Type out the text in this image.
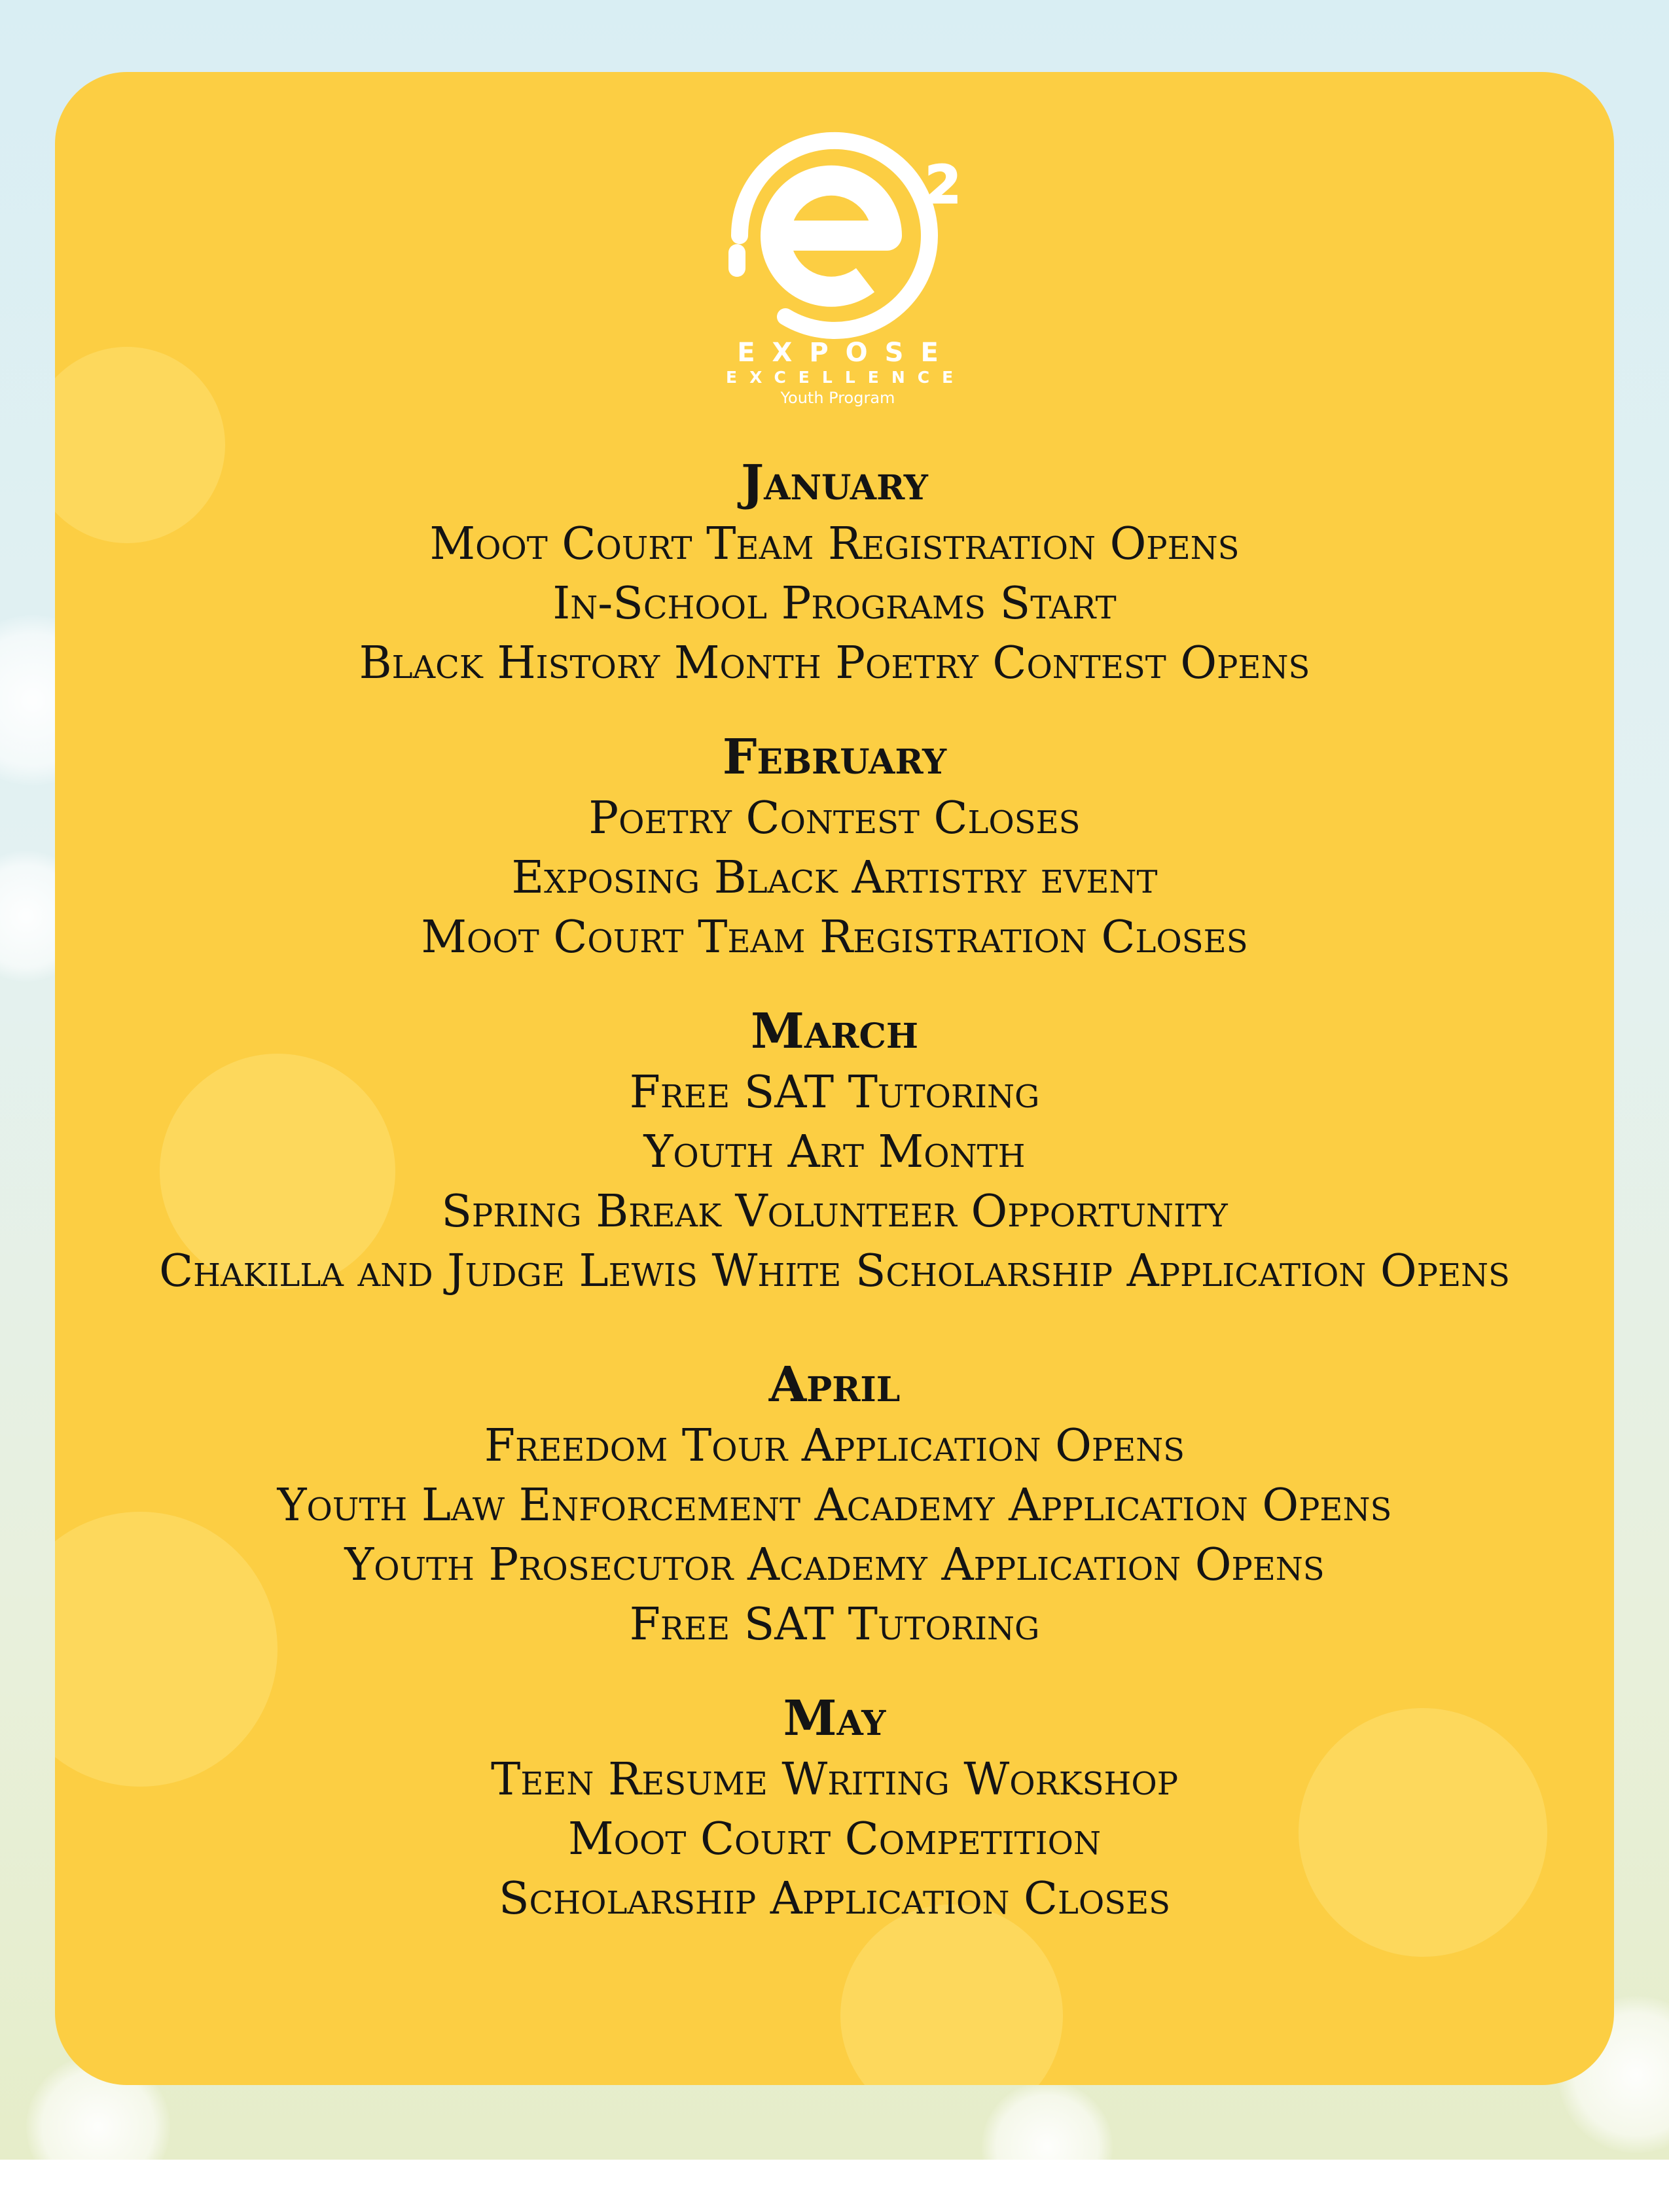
2
EXPOSE
EXCELLENCE
Youth Program
January
Moot Court Team Registration Opens
In-School Programs Start
Black History Month Poetry Contest Opens
February
Poetry Contest Closes
Exposing Black Artistry event
Moot Court Team Registration Closes
March
Free SAT Tutoring
Youth Art Month
Spring Break Volunteer Opportunity
Chakilla and Judge Lewis White Scholarship Application Opens
April
Freedom Tour Application Opens
Youth Law Enforcement Academy Application Opens
Youth Prosecutor Academy Application Opens
Free SAT Tutoring
May
Teen Resume Writing Workshop
Moot Court Competition
Scholarship Application Closes
